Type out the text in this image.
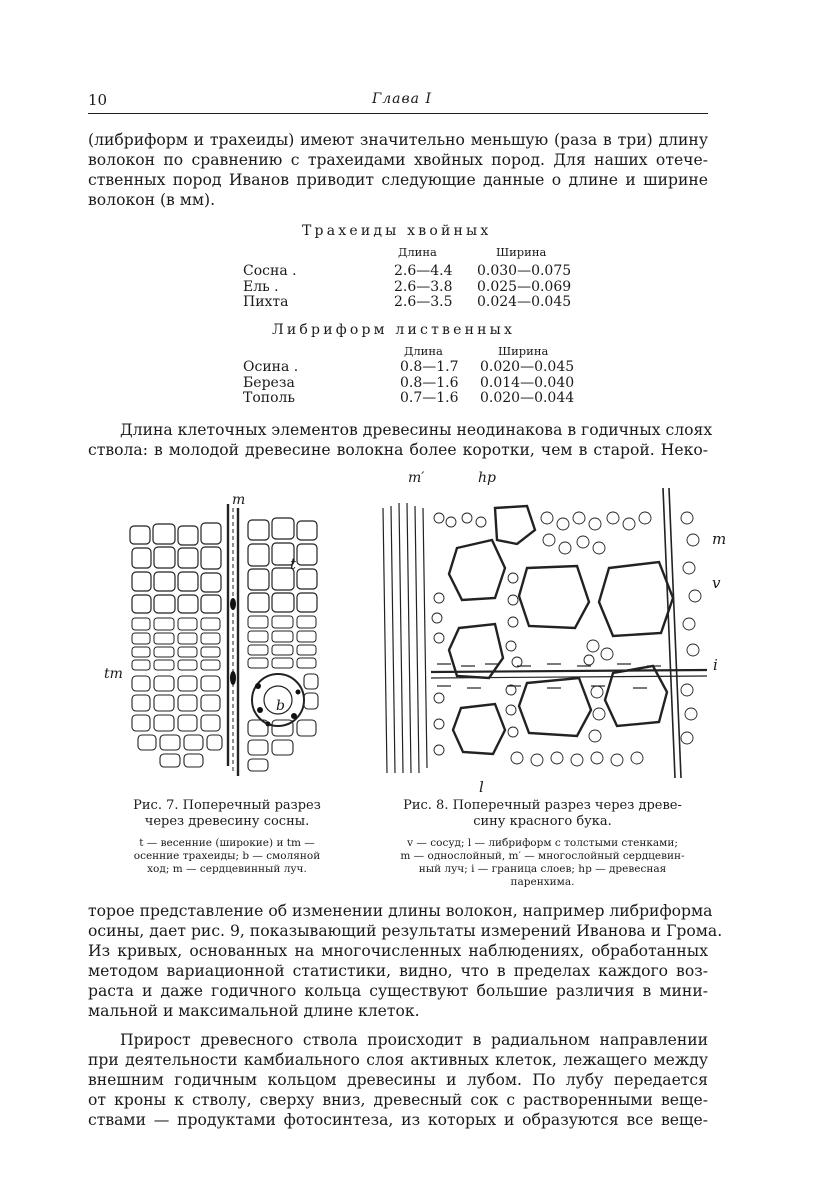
10	Глава I
(либриформ и трахеиды) имеют значительно меньшую (раза в три) длину
волокон по сравнению с трахеидами хвойных пород. Для наших отече-
ственных пород Иванов приводит следующие данные о длине и ширине
волокон (в мм).
Трахеиды хвойных
Длина	Ширина
Сосна .	2.6—4.4 0.030—0.075
Ель .	2.6—3.8 0.025—0.069
Пихта	2.6—3.5 0.024—0.045
Либриформ лиственных
Длина	Ширина
Осина .	0.8—1.7 0.020—0.045
Береза	0.8—1.6 0.014—0.040
Тополь	0.7—1.6 0.020—0.044
Длина клеточных элементов древесины неодинакова в годичных слоях
ствола: в молодой древесине волокна более коротки, чем в старой. Неко-
m
t
tm
b
m′	hp
m
v
i
l
Рис. 7. Поперечный разрез
через древесину сосны.
t — весенние (широкие) и tm —
осенние трахеиды; b — смоляной
ход; m — сердцевинный луч.
Рис. 8. Поперечный разрез через древе-
сину красного бука.
v — сосуд; l — либриформ с толстыми стенками;
m — однослойный, m′ — многослойный сердцевин-
ный луч; i — граница слоев; hp — древесная
паренхима.
торое представление об изменении длины волокон, например либриформа
осины, дает рис. 9, показывающий результаты измерений Иванова и Грома.
Из кривых, основанных на многочисленных наблюдениях, обработанных
методом вариационной статистики, видно, что в пределах каждого воз-
раста и даже годичного кольца существуют большие различия в мини-
мальной и максимальной длине клеток.
Прирост древесного ствола происходит в радиальном направлении
при деятельности камбиального слоя активных клеток, лежащего между
внешним годичным кольцом древесины и лубом. По лубу передается
от кроны к стволу, сверху вниз, древесный сок с растворенными веще-
ствами — продуктами фотосинтеза, из которых и образуются все веще-
